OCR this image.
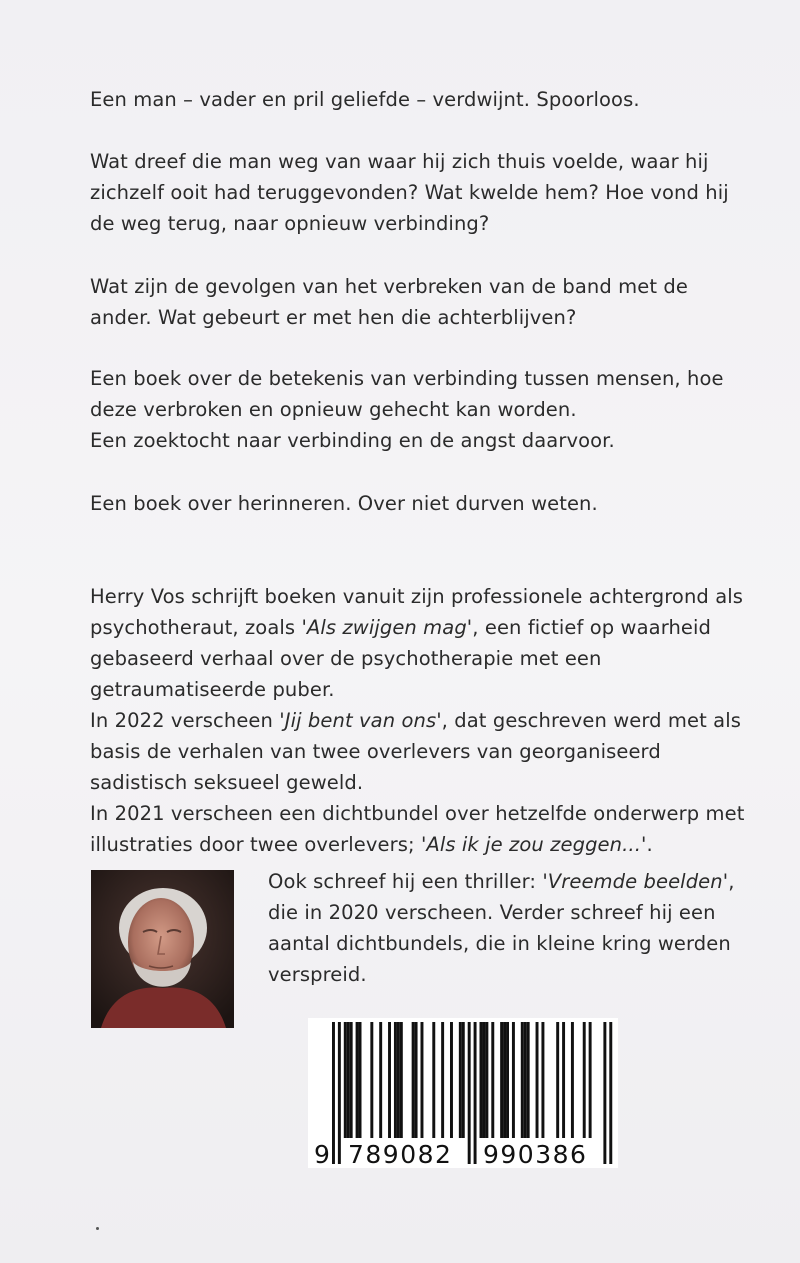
Een man – vader en pril geliefde – verdwijnt. Spoorloos.
Wat dreef die man weg van waar hij zich thuis voelde, waar hij
zichzelf ooit had teruggevonden? Wat kwelde hem? Hoe vond hij
de weg terug, naar opnieuw verbinding?
Wat zijn de gevolgen van het verbreken van de band met de
ander. Wat gebeurt er met hen die achterblijven?
Een boek over de betekenis van verbinding tussen mensen, hoe
deze verbroken en opnieuw gehecht kan worden.
Een zoektocht naar verbinding en de angst daarvoor.
Een boek over herinneren. Over niet durven weten.
Herry Vos schrijft boeken vanuit zijn professionele achtergrond als
psychotheraut, zoals 'Als zwijgen mag', een fictief op waarheid
gebaseerd verhaal over de psychotherapie met een
getraumatiseerde puber.
In 2022 verscheen 'Jij bent van ons', dat geschreven werd met als
basis de verhalen van twee overlevers van georganiseerd
sadistisch seksueel geweld.
In 2021 verscheen een dichtbundel over hetzelfde onderwerp met
illustraties door twee overlevers; 'Als ik je zou zeggen...'.
Ook schreef hij een thriller: 'Vreemde beelden',
die in 2020 verscheen. Verder schreef hij een
aantal dichtbundels, die in kleine kring werden
verspreid.
9 789082 990386
